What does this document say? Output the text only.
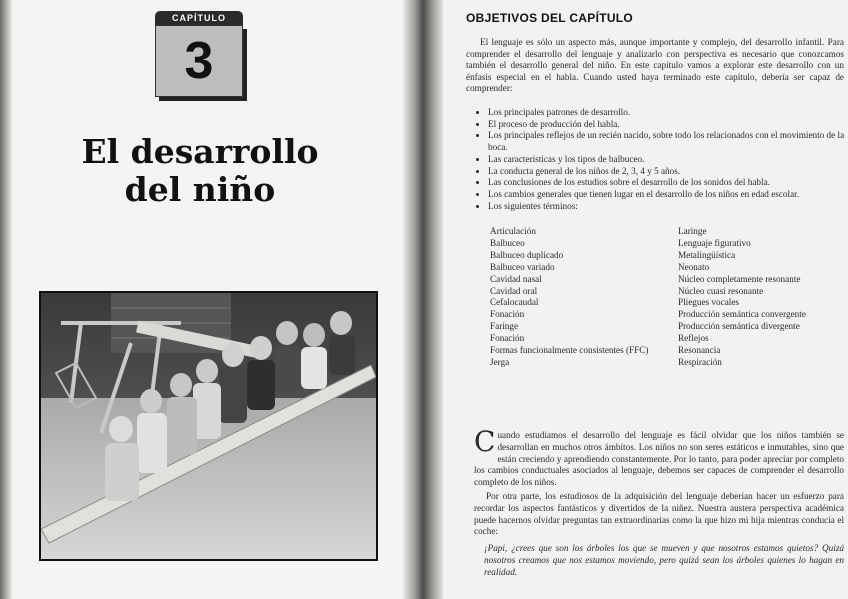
CAPÍTULO
3
El desarrollo
del niño
OBJETIVOS DEL CAPÍTULO
El lenguaje es sólo un aspecto más, aunque importante y complejo, del desarrollo infantil. Para comprender el desarrollo del lenguaje y analizarlo con perspectiva es necesario que conozcamos también el desarrollo general del niño. En este capítulo vamos a explorar este desarrollo con un énfasis especial en el habla. Cuando usted haya terminado este capítulo, debería ser capaz de comprender:
• Los principales patrones de desarrollo.
• El proceso de producción del habla.
• Los principales reflejos de un recién nacido, sobre todo los relacionados con el movimiento de la boca.
• Las características y los tipos de balbuceo.
• La conducta general de los niños de 2, 3, 4 y 5 años.
• Las conclusiones de los estudios sobre el desarrollo de los sonidos del habla.
• Los cambios generales que tienen lugar en el desarrollo de los niños en edad escolar.
• Los siguientes términos:
Articulación
Balbuceo
Balbuceo duplicado
Balbuceo variado
Cavidad nasal
Cavidad oral
Cefalocaudal
Fonación
Faringe
Fonación
Formas funcionalmente consistentes (FFC)
Jerga
Laringe
Lenguaje figurativo
Metalingüística
Neonato
Núcleo completamente resonante
Núcleo cuasi resonante
Pliegues vocales
Producción semántica convergente
Producción semántica divergente
Reflejos
Resonancia
Respiración

Cuando estudiamos el desarrollo del lenguaje es fácil olvidar que los niños también se desarrollan en muchos otros ámbitos. Los niños no son seres estáticos e inmutables, sino que están creciendo y aprendiendo constantemente. Por lo tanto, para poder apreciar por completo los cambios conductuales asociados al lenguaje, debemos ser capaces de comprender el desarrollo completo de los niños.

Por otra parte, los estudiosos de la adquisición del lenguaje deberían hacer un esfuerzo para recordar los aspectos fantásticos y divertidos de la niñez. Nuestra austera perspectiva académica puede hacernos olvidar preguntas tan extraordinarias como la que hizo mi hija mientras conducía el coche:

¡Papi, ¿crees que son los árboles los que se mueven y que nosotros estamos quietos? Quizá nosotros creamos que nos estamos moviendo, pero quizá sean los árboles quienes lo hagan en realidad.
